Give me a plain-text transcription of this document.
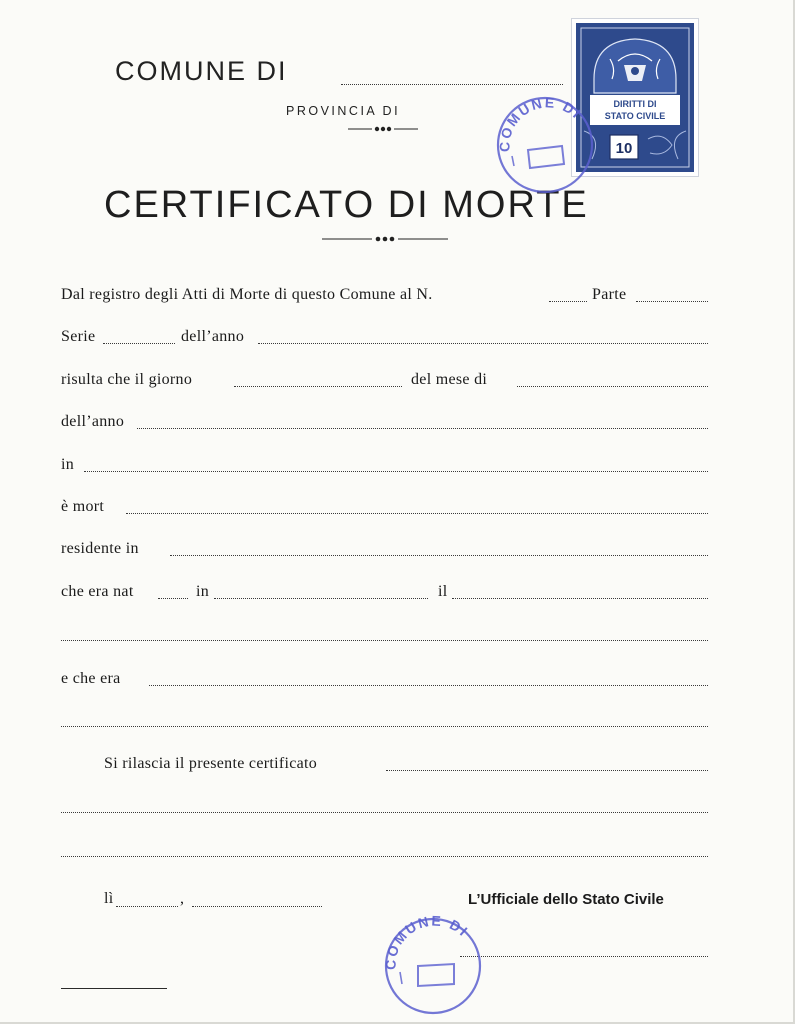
COMUNE DI
PROVINCIA DI
CERTIFICATO DI MORTE
DIRITTI DI
STATO CIVILE
10
COMUNE DI
Dal registro degli Atti di Morte di questo Comune al N.	Parte
Serie	dell’anno
risulta che il giorno	del mese di
dell’anno
in
è mort
residente in
che era nat	in	il
e che era
Si rilascia il presente certificato
lì	,	L’Ufficiale dello Stato Civile
COMUNE DI
